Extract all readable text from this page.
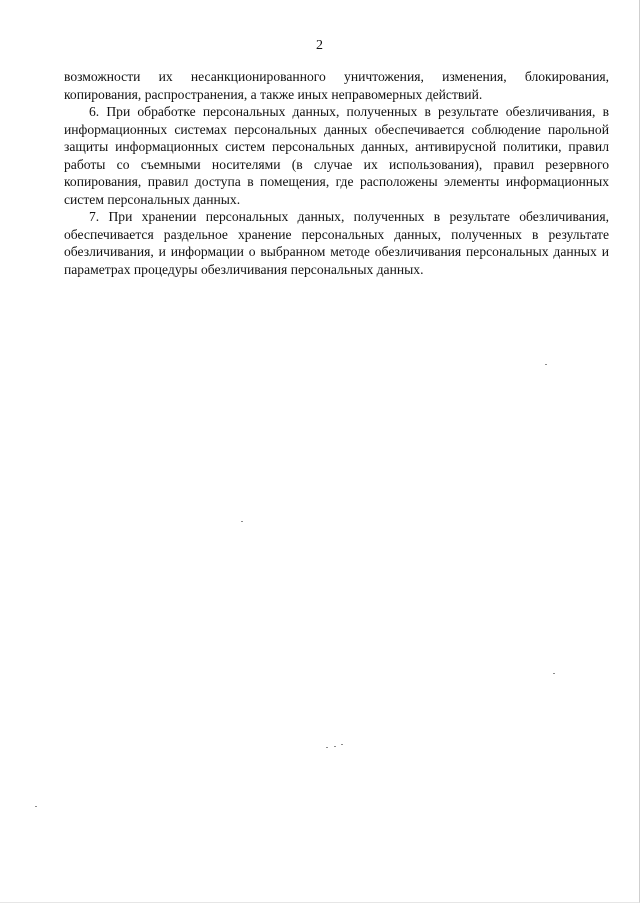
2

возможности их несанкционированного уничтожения, изменения, блокирования, копирования, распространения, а также иных неправомерных действий.

6. При обработке персональных данных, полученных в результате обезличивания, в информационных системах персональных данных обеспечивается соблюдение парольной защиты информационных систем персональных данных, антивирусной политики, правил работы со съемными носителями (в случае их использования), правил резервного копирования, правил доступа в помещения, где расположены элементы информационных систем персональных данных.

7. При хранении персональных данных, полученных в результате обезличивания, обеспечивается раздельное хранение персональных данных, полученных в результате обезличивания, и информации о выбранном методе обезличивания персональных данных и параметрах процедуры обезличивания персональных данных.
